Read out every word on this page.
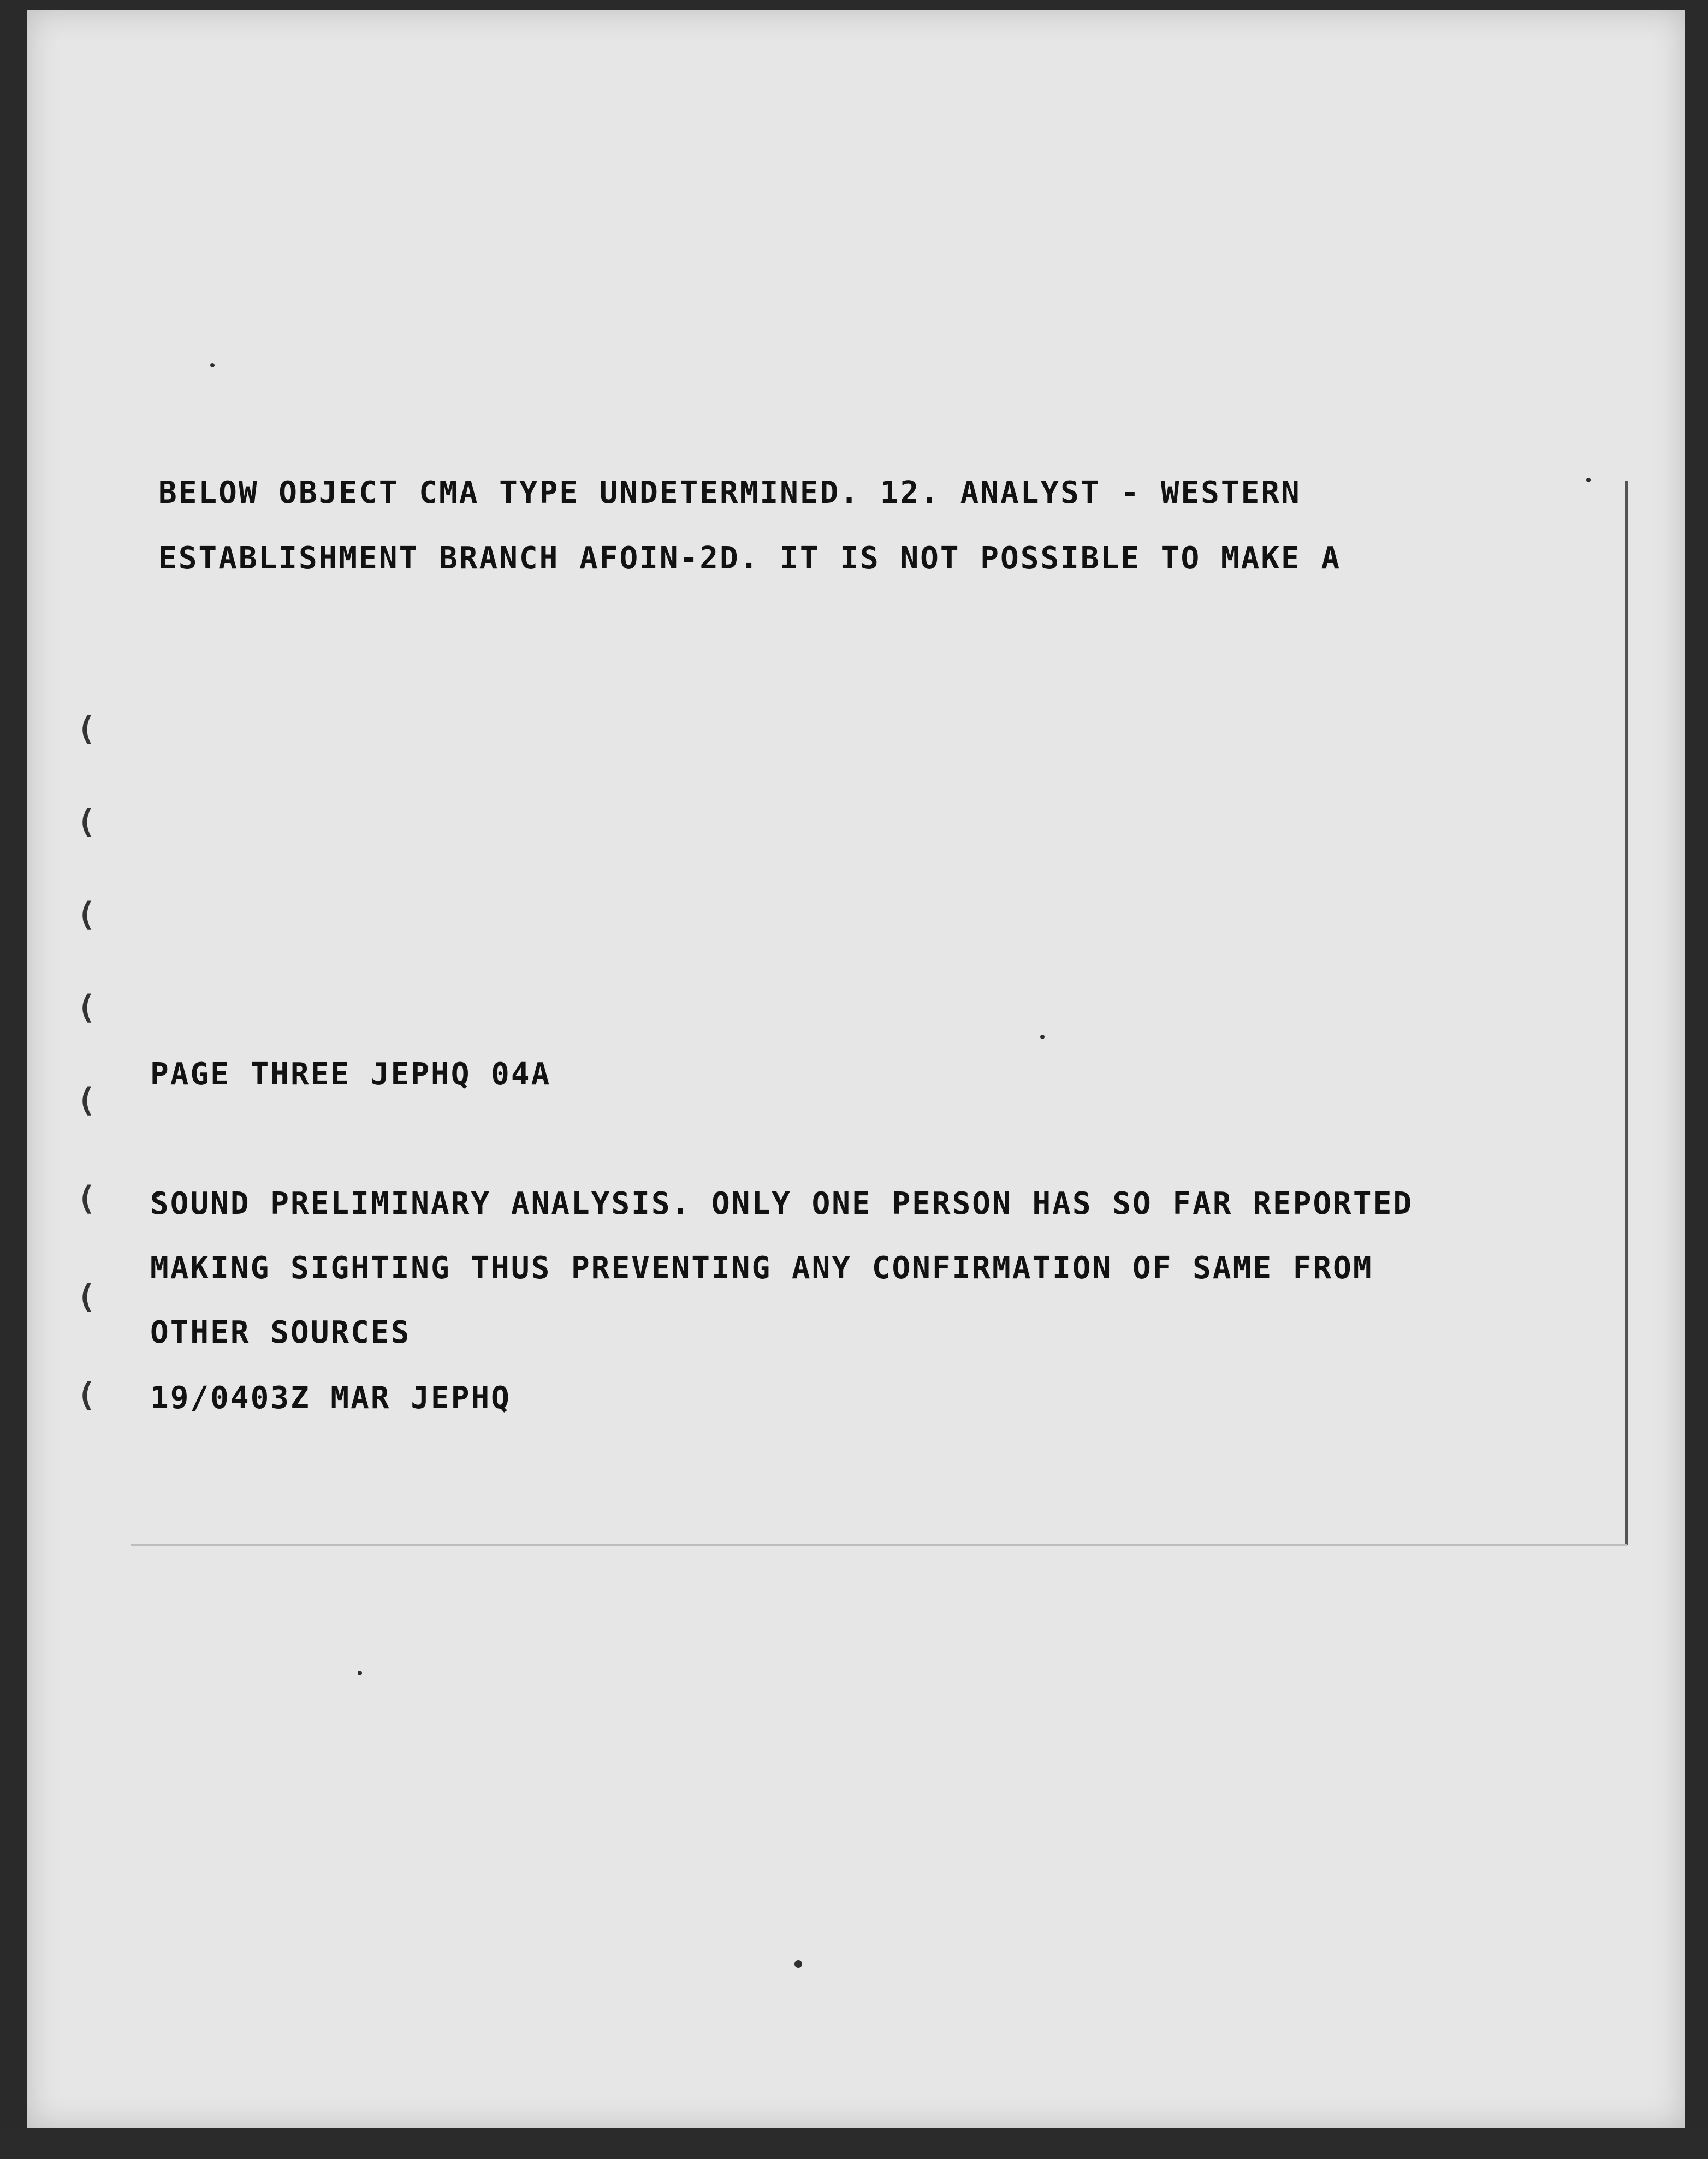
(
(
(
(
(
(
(
(
BELOW OBJECT CMA TYPE UNDETERMINED. 12. ANALYST - WESTERN
ESTABLISHMENT BRANCH AFOIN-2D. IT IS NOT POSSIBLE TO MAKE A
PAGE THREE JEPHQ 04A
SOUND PRELIMINARY ANALYSIS. ONLY ONE PERSON HAS SO FAR REPORTED
MAKING SIGHTING THUS PREVENTING ANY CONFIRMATION OF SAME FROM
OTHER SOURCES
19/0403Z MAR JEPHQ
